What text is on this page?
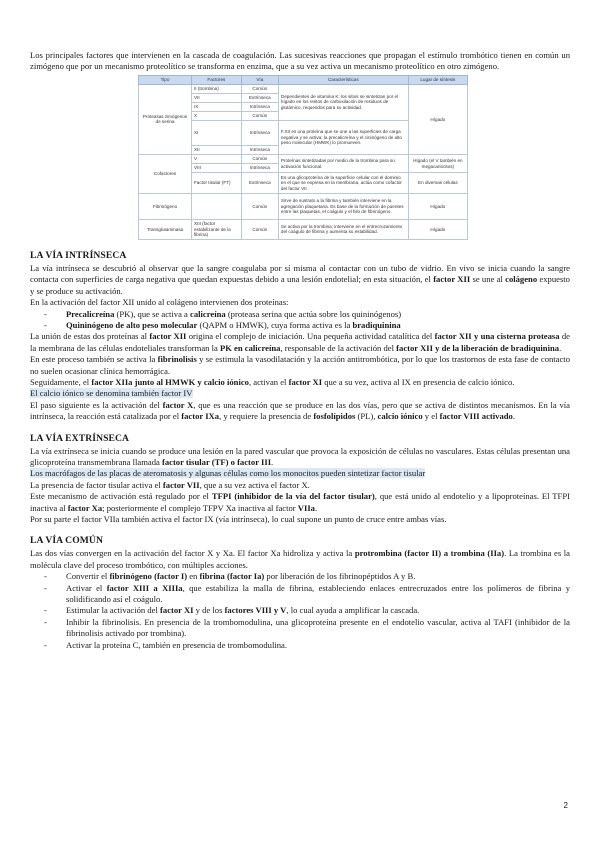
Los principales factores que intervienen en la cascada de coagulación. Las sucesivas reacciones que propagan el estímulo trombótico tienen en común un zimógeno que por un mecanismo proteolítico se transforma en enzima, que a su vez activa un mecanismo proteolítico en otro zimógeno.

Tipo	Factores	Vía	Características	Lugar de síntesis
Proteasas zimógenos de serina	II (trombina)	Común	Dependientes de vitamina K: los sitios se sintetizan por el hígado en los restos de carboxilación de residuos de glutámico, requeridos para su actividad.	Hígado
	VII	Extrínseca		
	IX	Intrínseca		
	X	Común		
	XI	Intrínseca	F.XII es una proteína que se une a las superficies de carga negativa y se activa; la precalicreína y el cininógeno de alto peso molecular (HMWK) lo promueven.	
	XII	Intrínseca		
Cofactores	V	Común	Proteínas sintetizadas por medio de la trombina para su activación funcional.	Hígado (el V también en megacariocitos)
	VIII	Intrínseca		
	Factor tisular (FT)	Extrínseca	Es una glicoproteína de la superficie celular con el dominio en el que se expresa en la membrana, actúa como cofactor del factor VII.	En diversas células
Fibrinógeno		Común	Sirve de sustrato a la fibrina y también interviene en la agregación plaquetaria. Es base de la formación de puentes entre las plaquetas, el coágulo y el hilo de fibrinógeno.	Hígado
Transglutaminasa	XIII (factor estabilizante de la fibrina)	Común	Se activa por la trombina; interviene en el entrecruzamiento del coágulo de fibrina y aumenta su estabilidad.	Hígado
LA VÍA INTRÍNSECA

La vía intrínseca se descubrió al observar que la sangre coagulaba por sí misma al contactar con un tubo de vidrio. En vivo se inicia cuando la sangre contacta con superficies de carga negativa que quedan expuestas debido a una lesión endotelial; en esta situación, el factor XII se une al colágeno expuesto y se produce su activación.

En la activación del factor XII unido al colágeno intervienen dos proteínas:

- Precalicreína (PK), que se activa a calicreína (proteasa serina que actúa sobre los quininógenos)
- Quininógeno de alto peso molecular (QAPM o HMWK), cuya forma activa es la bradiquinina

La unión de estas dos proteínas al factor XII origina el complejo de iniciación. Una pequeña actividad catalítica del factor XII y una cisterna proteasa de la membrana de las células endoteliales transforman la PK en calicreína, responsable de la activación del factor XII y de la liberación de bradiquinina.

En este proceso también se activa la fibrinolisis y se estimula la vasodilatación y la acción antitrombótica, por lo que los trastornos de esta fase de contacto no suelen ocasionar clínica hemorrágica.

Seguidamente, el factor XIIa junto al HMWK y calcio iónico, activan el factor XI que a su vez, activa al IX en presencia de calcio iónico.

El calcio iónico se denomina también factor IV

El paso siguiente es la activación del factor X, que es una reacción que se produce en las dos vías, pero que se activa de distintos mecanismos. En la vía intrínseca, la reacción está catalizada por el factor IXa, y requiere la presencia de fosfolípidos (PL), calcio iónico y el factor VIII activado.

LA VÍA EXTRÍNSECA

La vía extrínseca se inicia cuando se produce una lesión en la pared vascular que provoca la exposición de células no vasculares. Estas células presentan una glicoproteína transmembrana llamada factor tisular (TF) o factor III.

Los macrófagos de las placas de ateromatosis y algunas células como los monocitos pueden sintetizar factor tisular

La presencia de factor tisular activa el factor VII, que a su vez activa el factor X.

Este mecanismo de activación está regulado por el TFPI (inhibidor de la vía del factor tisular), que está unido al endotelio y a lipoproteínas. El TFPI inactiva al factor Xa; posteriormente el complejo TFPV Xa inactiva al factor VIIa.

Por su parte el factor VIIa también activa el factor IX (vía intrínseca), lo cual supone un punto de cruce entre ambas vías.

LA VÍA COMÚN

Las dos vías convergen en la activación del factor X y Xa. El factor Xa hidroliza y activa la protrombina (factor II) a trombina (IIa). La trombina es la molécula clave del proceso trombótico, con múltiples acciones.

- Convertir el fibrinógeno (factor I) en fibrina (factor Ia) por liberación de los fibrinopéptidos A y B.
- Activar el factor XIII a XIIIa, que estabiliza la malla de fibrina, estableciendo enlaces entrecruzados entre los polímeros de fibrina y solidificando así el coágulo.
- Estimular la activación del factor XI y de los factores VIII y V, lo cual ayuda a amplificar la cascada.
- Inhibir la fibrinolisis. En presencia de la trombomodulina, una glicoproteína presente en el endotelio vascular, activa al TAFI (inhibidor de la fibrinolisis activado por trombina).
- Activar la proteína C, también en presencia de trombomodulina.
2
